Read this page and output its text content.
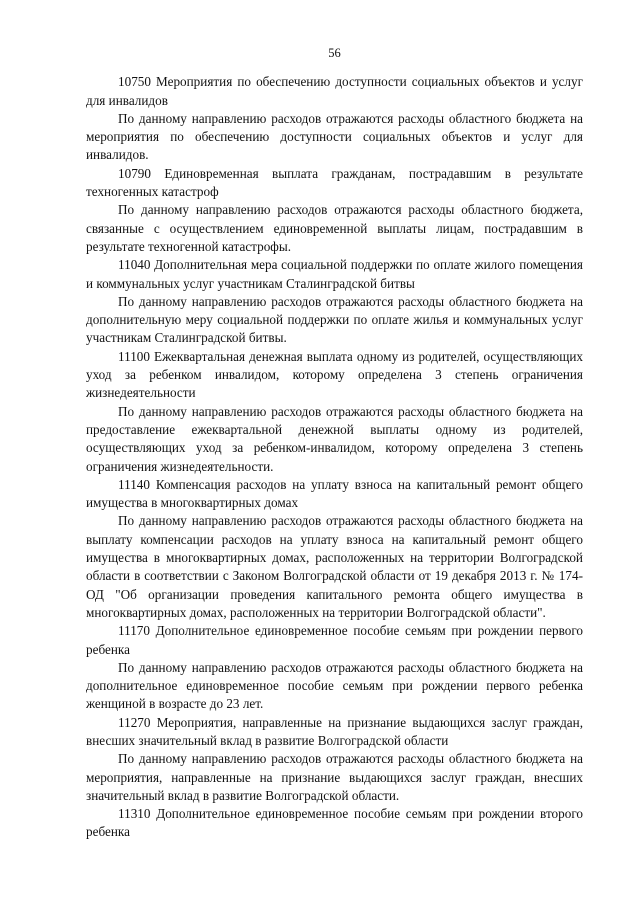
56

10750 Мероприятия по обеспечению доступности социальных объектов и услуг для инвалидов

По данному направлению расходов отражаются расходы областного бюджета на мероприятия по обеспечению доступности социальных объектов и услуг для инвалидов.

10790 Единовременная выплата гражданам, пострадавшим в результате техногенных катастроф

По данному направлению расходов отражаются расходы областного бюджета, связанные с осуществлением единовременной выплаты лицам, пострадавшим в результате техногенной катастрофы.

11040 Дополнительная мера социальной поддержки по оплате жилого помещения и коммунальных услуг участникам Сталинградской битвы

По данному направлению расходов отражаются расходы областного бюджета на дополнительную меру социальной поддержки по оплате жилья и коммунальных услуг участникам Сталинградской битвы.

11100 Ежеквартальная денежная выплата одному из родителей, осуществляющих уход за ребенком инвалидом, которому определена 3 степень ограничения жизнедеятельности

По данному направлению расходов отражаются расходы областного бюджета на предоставление ежеквартальной денежной выплаты одному из родителей, осуществляющих уход за ребенком-инвалидом, которому определена 3 степень ограничения жизнедеятельности.

11140 Компенсация расходов на уплату взноса на капитальный ремонт общего имущества в многоквартирных домах

По данному направлению расходов отражаются расходы областного бюджета на выплату компенсации расходов на уплату взноса на капитальный ремонт общего имущества в многоквартирных домах, расположенных на территории Волгоградской области в соответствии с Законом Волгоградской области от 19 декабря 2013 г. № 174-ОД "Об организации проведения капитального ремонта общего имущества в многоквартирных домах, расположенных на территории Волгоградской области".

11170 Дополнительное единовременное пособие семьям при рождении первого ребенка

По данному направлению расходов отражаются расходы областного бюджета на дополнительное единовременное пособие семьям при рождении первого ребенка женщиной в возрасте до 23 лет.

11270 Мероприятия, направленные на признание выдающихся заслуг граждан, внесших значительный вклад в развитие Волгоградской области

По данному направлению расходов отражаются расходы областного бюджета на мероприятия, направленные на признание выдающихся заслуг граждан, внесших значительный вклад в развитие Волгоградской области.

11310 Дополнительное единовременное пособие семьям при рождении второго ребенка
